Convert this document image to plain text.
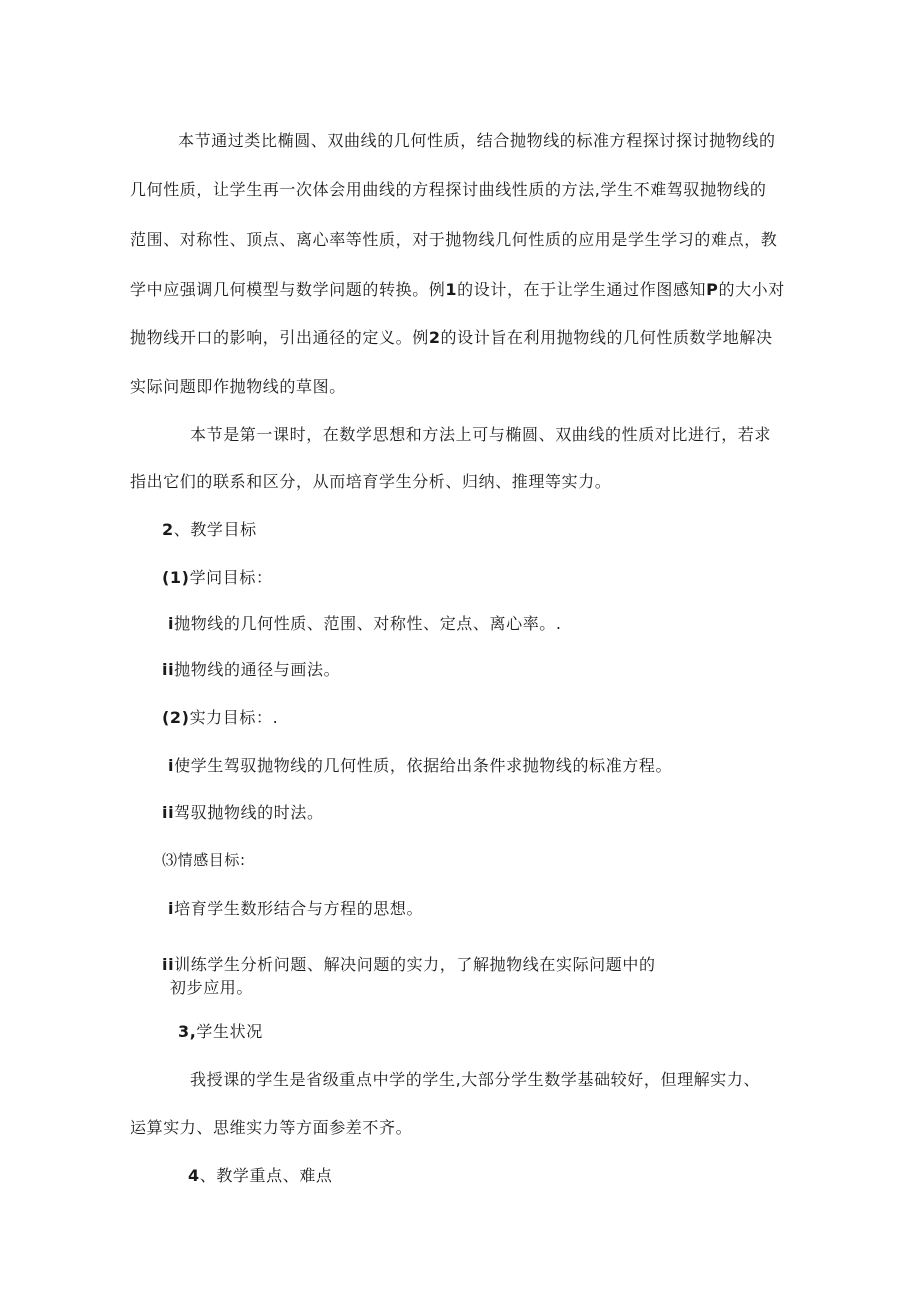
本节通过类比椭圆、双曲线的几何性质，结合抛物线的标准方程探讨探讨抛物线的
几何性质，让学生再一次体会用曲线的方程探讨曲线性质的方法,学生不难驾驭抛物线的
范围、对称性、顶点、离心率等性质，对于抛物线几何性质的应用是学生学习的难点，教
学中应强调几何模型与数学问题的转换。例1的设计，在于让学生通过作图感知P的大小对
抛物线开口的影响，引出通径的定义。例2的设计旨在利用抛物线的几何性质数学地解决
实际问题即作抛物线的草图。
本节是第一课时，在数学思想和方法上可与椭圆、双曲线的性质对比进行，若求
指出它们的联系和区分，从而培育学生分析、归纳、推理等实力。
2、教学目标
(1)学问目标：
i抛物线的几何性质、范围、对称性、定点、离心率。.
ii抛物线的通径与画法。
(2)实力目标：.
i使学生驾驭抛物线的几何性质，依据给出条件求抛物线的标准方程。
ii驾驭抛物线的时法。
⑶情感目标:
i培育学生数形结合与方程的思想。
ii训练学生分析问题、解决问题的实力，了解抛物线在实际问题中的
初步应用。
3,学生状况
我授课的学生是省级重点中学的学生,大部分学生数学基础较好，但理解实力、
运算实力、思维实力等方面参差不齐。
4、教学重点、难点
